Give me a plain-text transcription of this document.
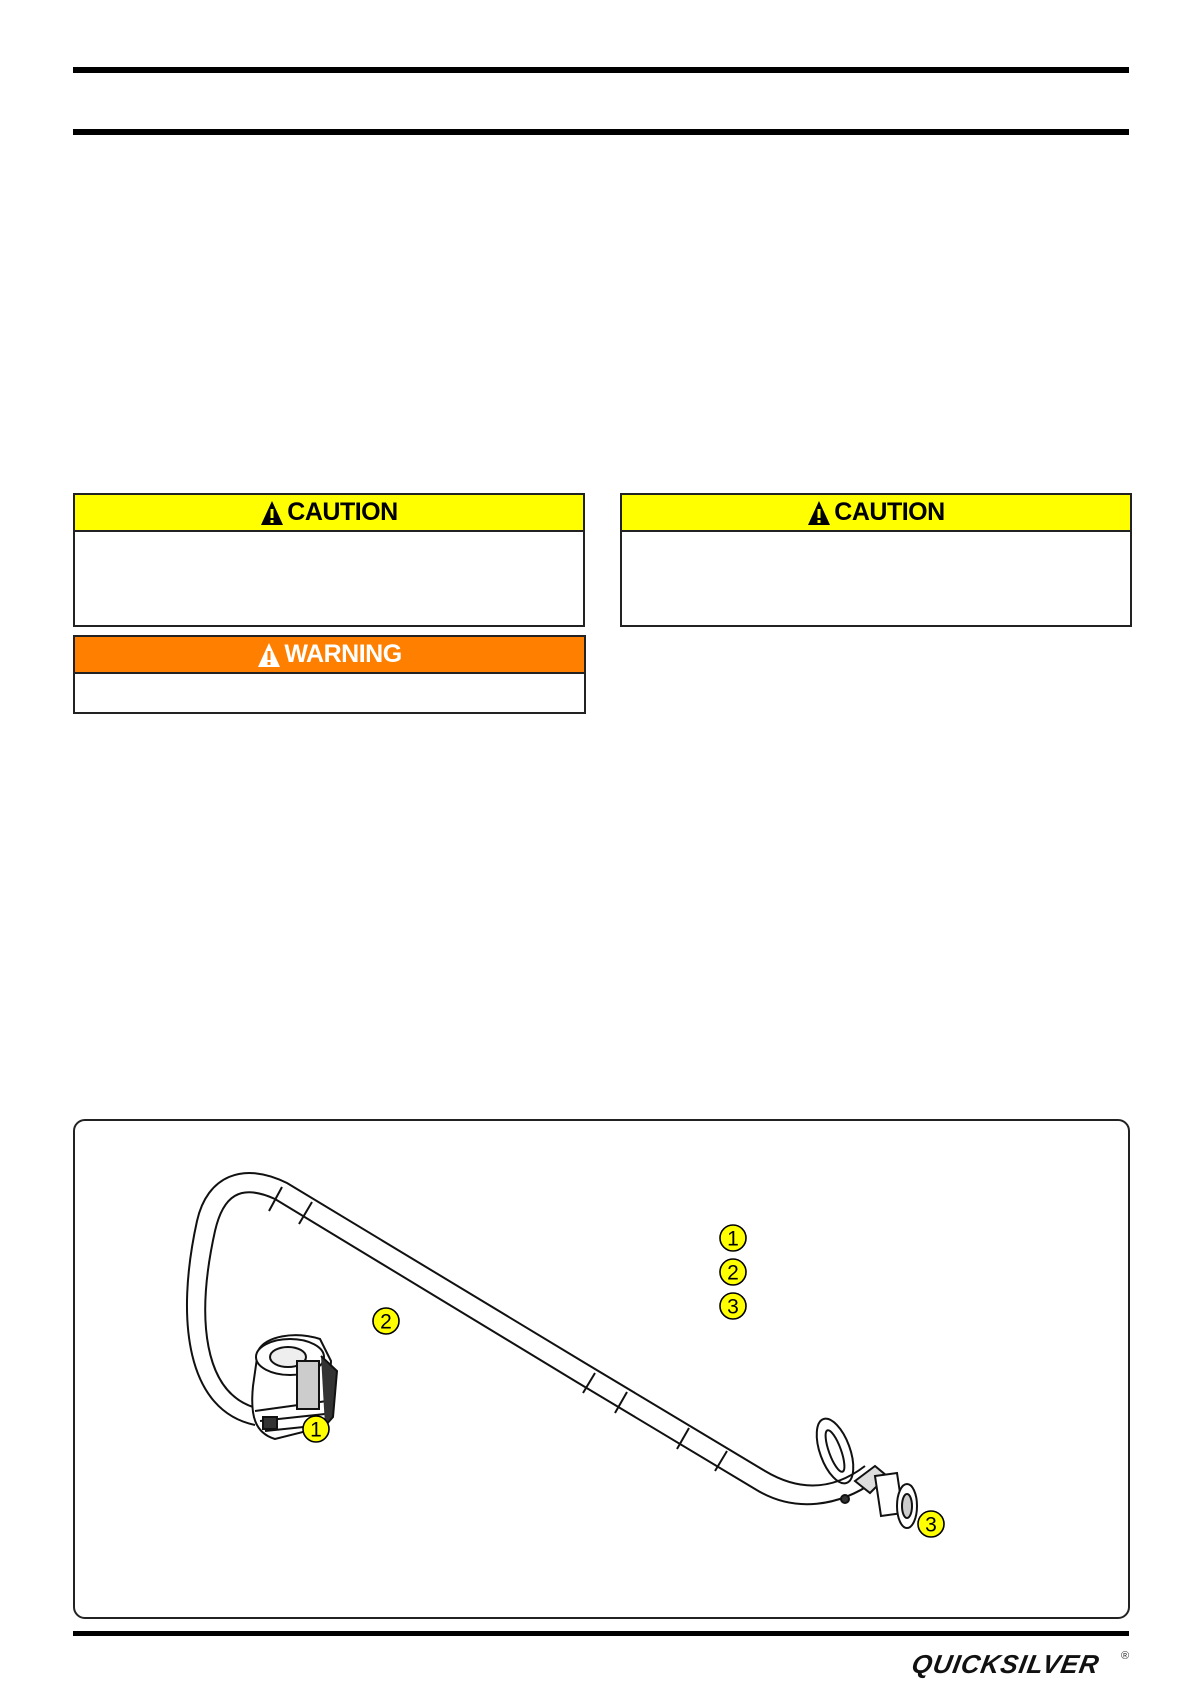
CAUTION	CAUTION
WARNING
1
2
3
1
2
3
QUICKSILVER ®
